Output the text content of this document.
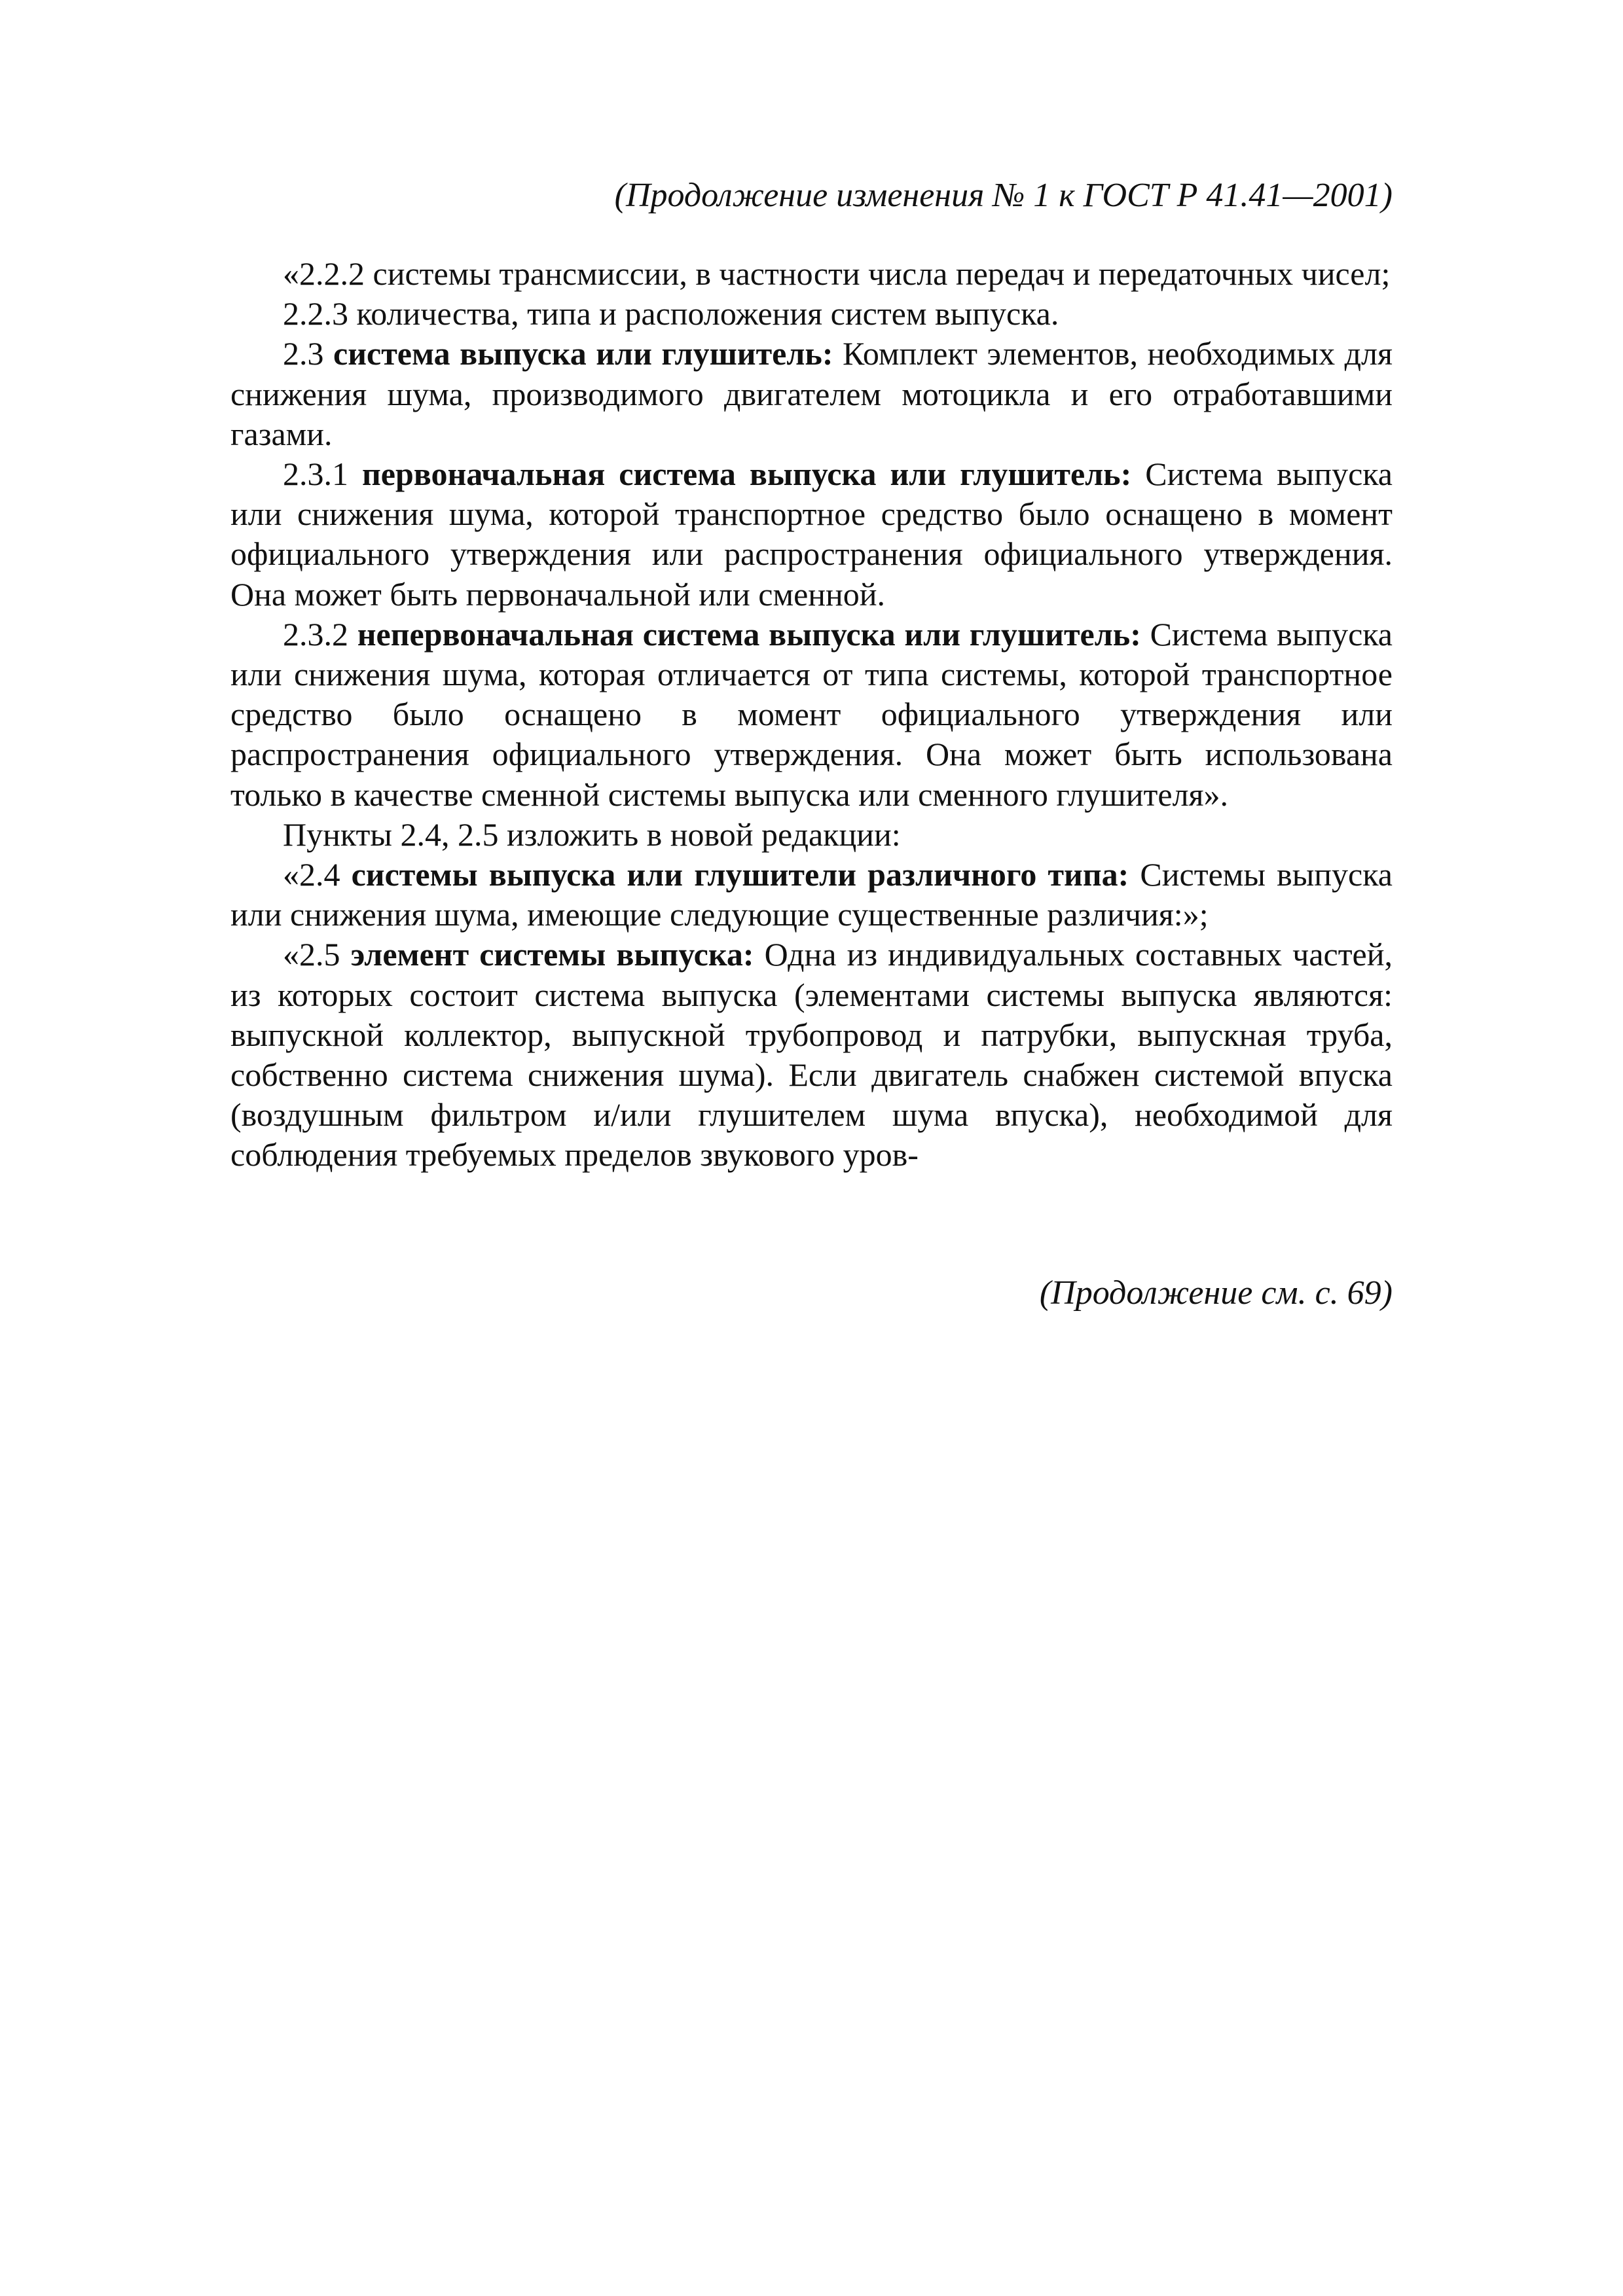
(Продолжение изменения № 1 к ГОСТ Р 41.41—2001)

«2.2.2 системы трансмиссии, в частности числа передач и передаточных чисел;

2.2.3 количества, типа и расположения систем выпуска.

2.3 система выпуска или глушитель: Комплект элементов, необходимых для снижения шума, производимого двигателем мотоцикла и его отработавшими газами.

2.3.1 первоначальная система выпуска или глушитель: Система выпуска или снижения шума, которой транспортное средство было оснащено в момент официального утверждения или распространения официального утверждения. Она может быть первоначальной или сменной.

2.3.2 непервоначальная система выпуска или глушитель: Система выпуска или снижения шума, которая отличается от типа системы, которой транспортное средство было оснащено в момент официального утверждения или распространения официального утверждения. Она может быть использована только в качестве сменной системы выпуска или сменного глушителя».

Пункты 2.4, 2.5 изложить в новой редакции:

«2.4 системы выпуска или глушители различного типа: Системы выпуска или снижения шума, имеющие следующие существенные различия:»;

«2.5 элемент системы выпуска: Одна из индивидуальных составных частей, из которых состоит система выпуска (элементами системы выпуска являются: выпускной коллектор, выпускной трубопровод и патрубки, выпускная труба, собственно система снижения шума). Если двигатель снабжен системой впуска (воздушным фильтром и/или глушителем шума впуска), необходимой для соблюдения требуемых пределов звукового уров-

(Продолжение см. с. 69)
